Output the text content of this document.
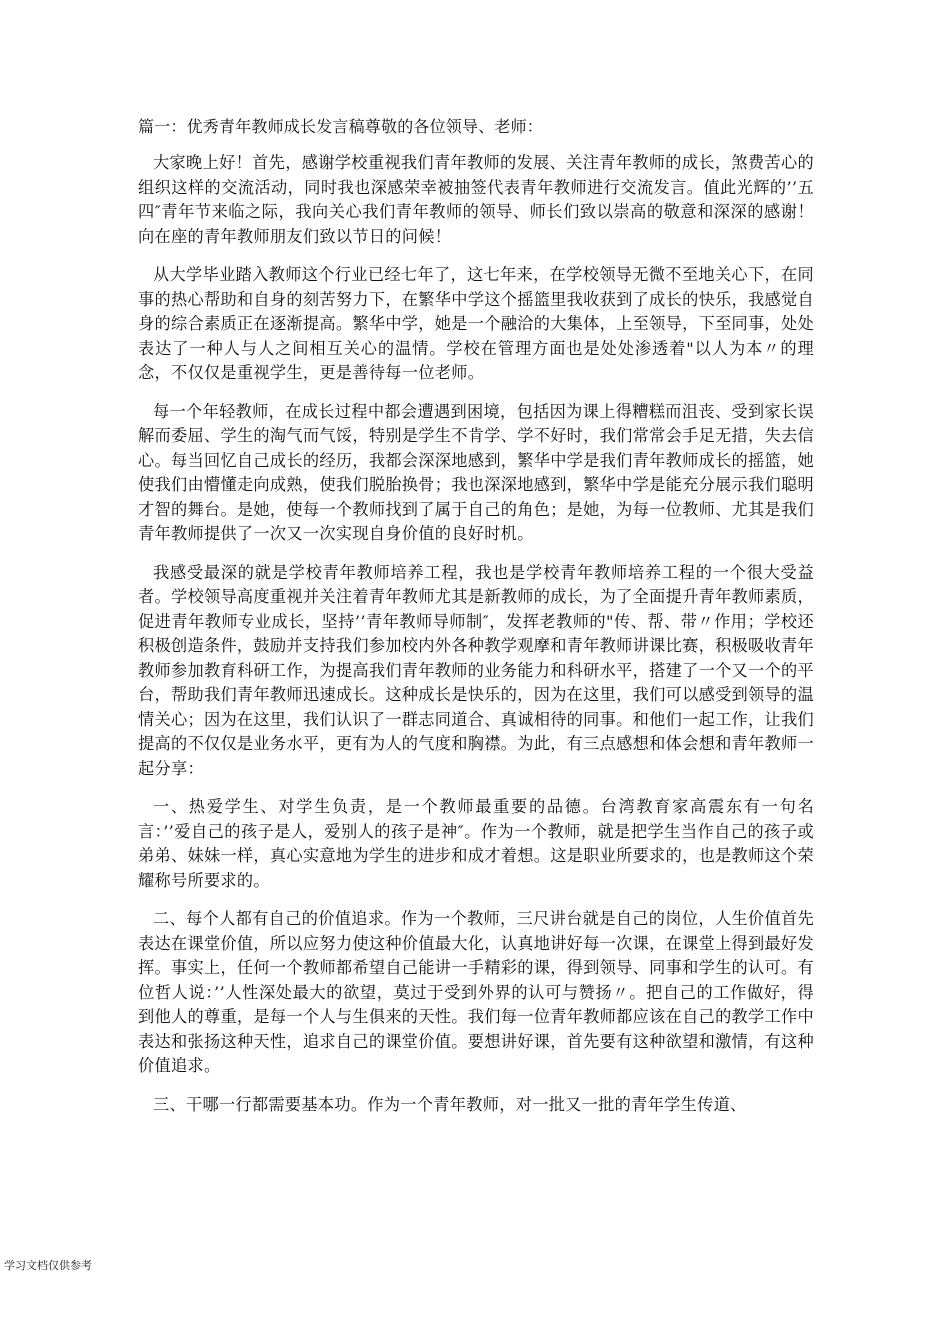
篇一：优秀青年教师成长发言稿尊敬的各位领导、老师：

大家晚上好！首先，感谢学校重视我们青年教师的发展、关注青年教师的成长，煞费苦心的组织这样的交流活动，同时我也深感荣幸被抽签代表青年教师进行交流发言。值此光辉的’’五四″青年节来临之际，我向关心我们青年教师的领导、师长们致以崇高的敬意和深深的感谢！向在座的青年教师朋友们致以节日的问候！

从大学毕业踏入教师这个行业已经七年了，这七年来，在学校领导无微不至地关心下，在同事的热心帮助和自身的刻苦努力下，在繁华中学这个摇篮里我收获到了成长的快乐，我感觉自身的综合素质正在逐渐提高。繁华中学，她是一个融洽的大集体，上至领导，下至同事，处处表达了一种人与人之间相互关心的温情。学校在管理方面也是处处渗透着"以人为本〃的理念，不仅仅是重视学生，更是善待每一位老师。

每一个年轻教师，在成长过程中都会遭遇到困境，包括因为课上得糟糕而沮丧、受到家长误解而委屈、学生的淘气而气馁，特别是学生不肯学、学不好时，我们常常会手足无措，失去信心。每当回忆自己成长的经历，我都会深深地感到，繁华中学是我们青年教师成长的摇篮，她使我们由懵懂走向成熟，使我们脱胎换骨；我也深深地感到，繁华中学是能充分展示我们聪明才智的舞台。是她，使每一个教师找到了属于自己的角色；是她，为每一位教师、尤其是我们青年教师提供了一次又一次实现自身价值的良好时机。

我感受最深的就是学校青年教师培养工程，我也是学校青年教师培养工程的一个很大受益者。学校领导高度重视并关注着青年教师尤其是新教师的成长，为了全面提升青年教师素质，促进青年教师专业成长，坚持’’青年教师导师制″，发挥老教师的"传、帮、带〃作用；学校还积极创造条件，鼓励并支持我们参加校内外各种教学观摩和青年教师讲课比赛，积极吸收青年教师参加教育科研工作，为提高我们青年教师的业务能力和科研水平，搭建了一个又一个的平台，帮助我们青年教师迅速成长。这种成长是快乐的，因为在这里，我们可以感受到领导的温情关心；因为在这里，我们认识了一群志同道合、真诚相待的同事。和他们一起工作，让我们提高的不仅仅是业务水平，更有为人的气度和胸襟。为此，有三点感想和体会想和青年教师一起分享：

一、热爱学生、对学生负责，是一个教师最重要的品德。台湾教育家高震东有一句名言：’’爱自己的孩子是人，爱别人的孩子是神″。作为一个教师，就是把学生当作自己的孩子或弟弟、妹妹一样，真心实意地为学生的进步和成才着想。这是职业所要求的，也是教师这个荣耀称号所要求的。

二、每个人都有自己的价值追求。作为一个教师，三尺讲台就是自己的岗位，人生价值首先表达在课堂价值，所以应努力使这种价值最大化，认真地讲好每一次课，在课堂上得到最好发挥。事实上，任何一个教师都希望自己能讲一手精彩的课，得到领导、同事和学生的认可。有位哲人说：’’人性深处最大的欲望，莫过于受到外界的认可与赞扬〃。把自己的工作做好，得到他人的尊重，是每一个人与生俱来的天性。我们每一位青年教师都应该在自己的教学工作中表达和张扬这种天性，追求自己的课堂价值。要想讲好课，首先要有这种欲望和激情，有这种价值追求。

三、干哪一行都需要基本功。作为一个青年教师，对一批又一批的青年学生传道、

学习文档仅供参考
